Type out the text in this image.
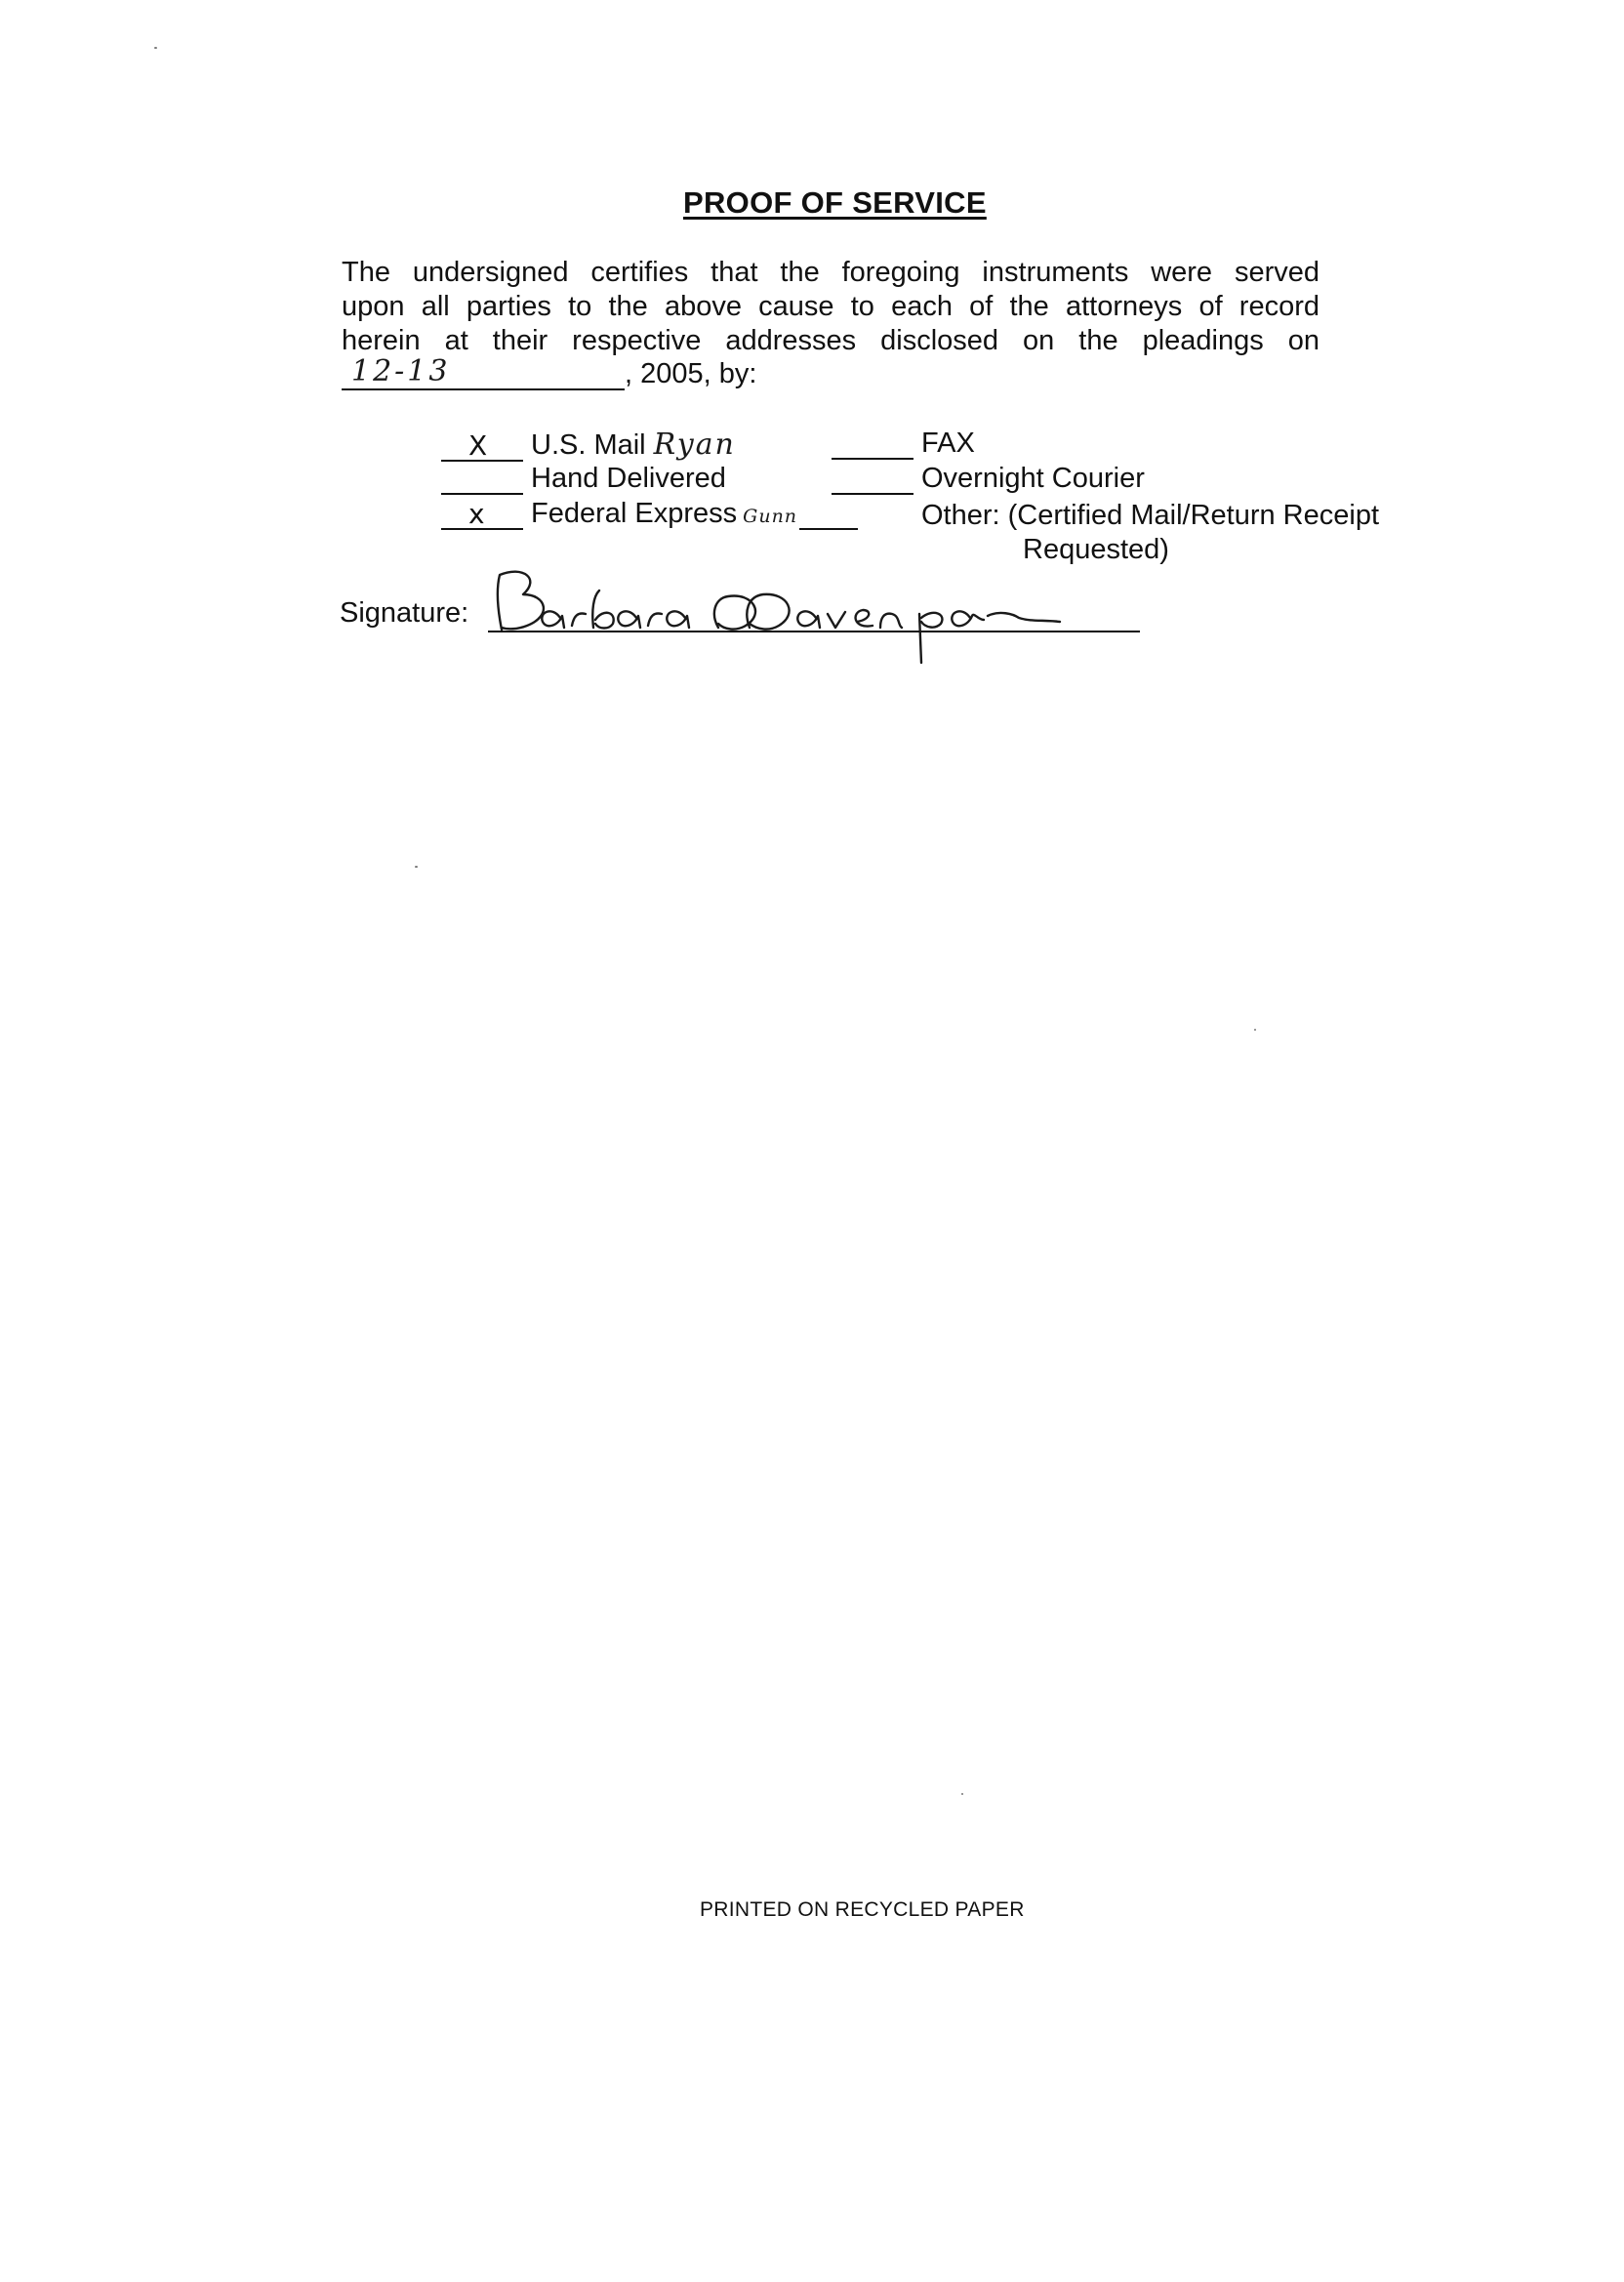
PROOF OF SERVICE
The undersigned certifies that the foregoing instruments were served
upon all parties to the above cause to each of the attorneys of record
herein at their respective addresses disclosed on the pleadings on
12-13	, 2005, by:
X U.S. Mail Ryan
Hand Delivered
x Federal Express Gunn
FAX
Overnight Courier
Other: (Certified Mail/Return Receipt
Requested)
Signature:
PRINTED ON RECYCLED PAPER
